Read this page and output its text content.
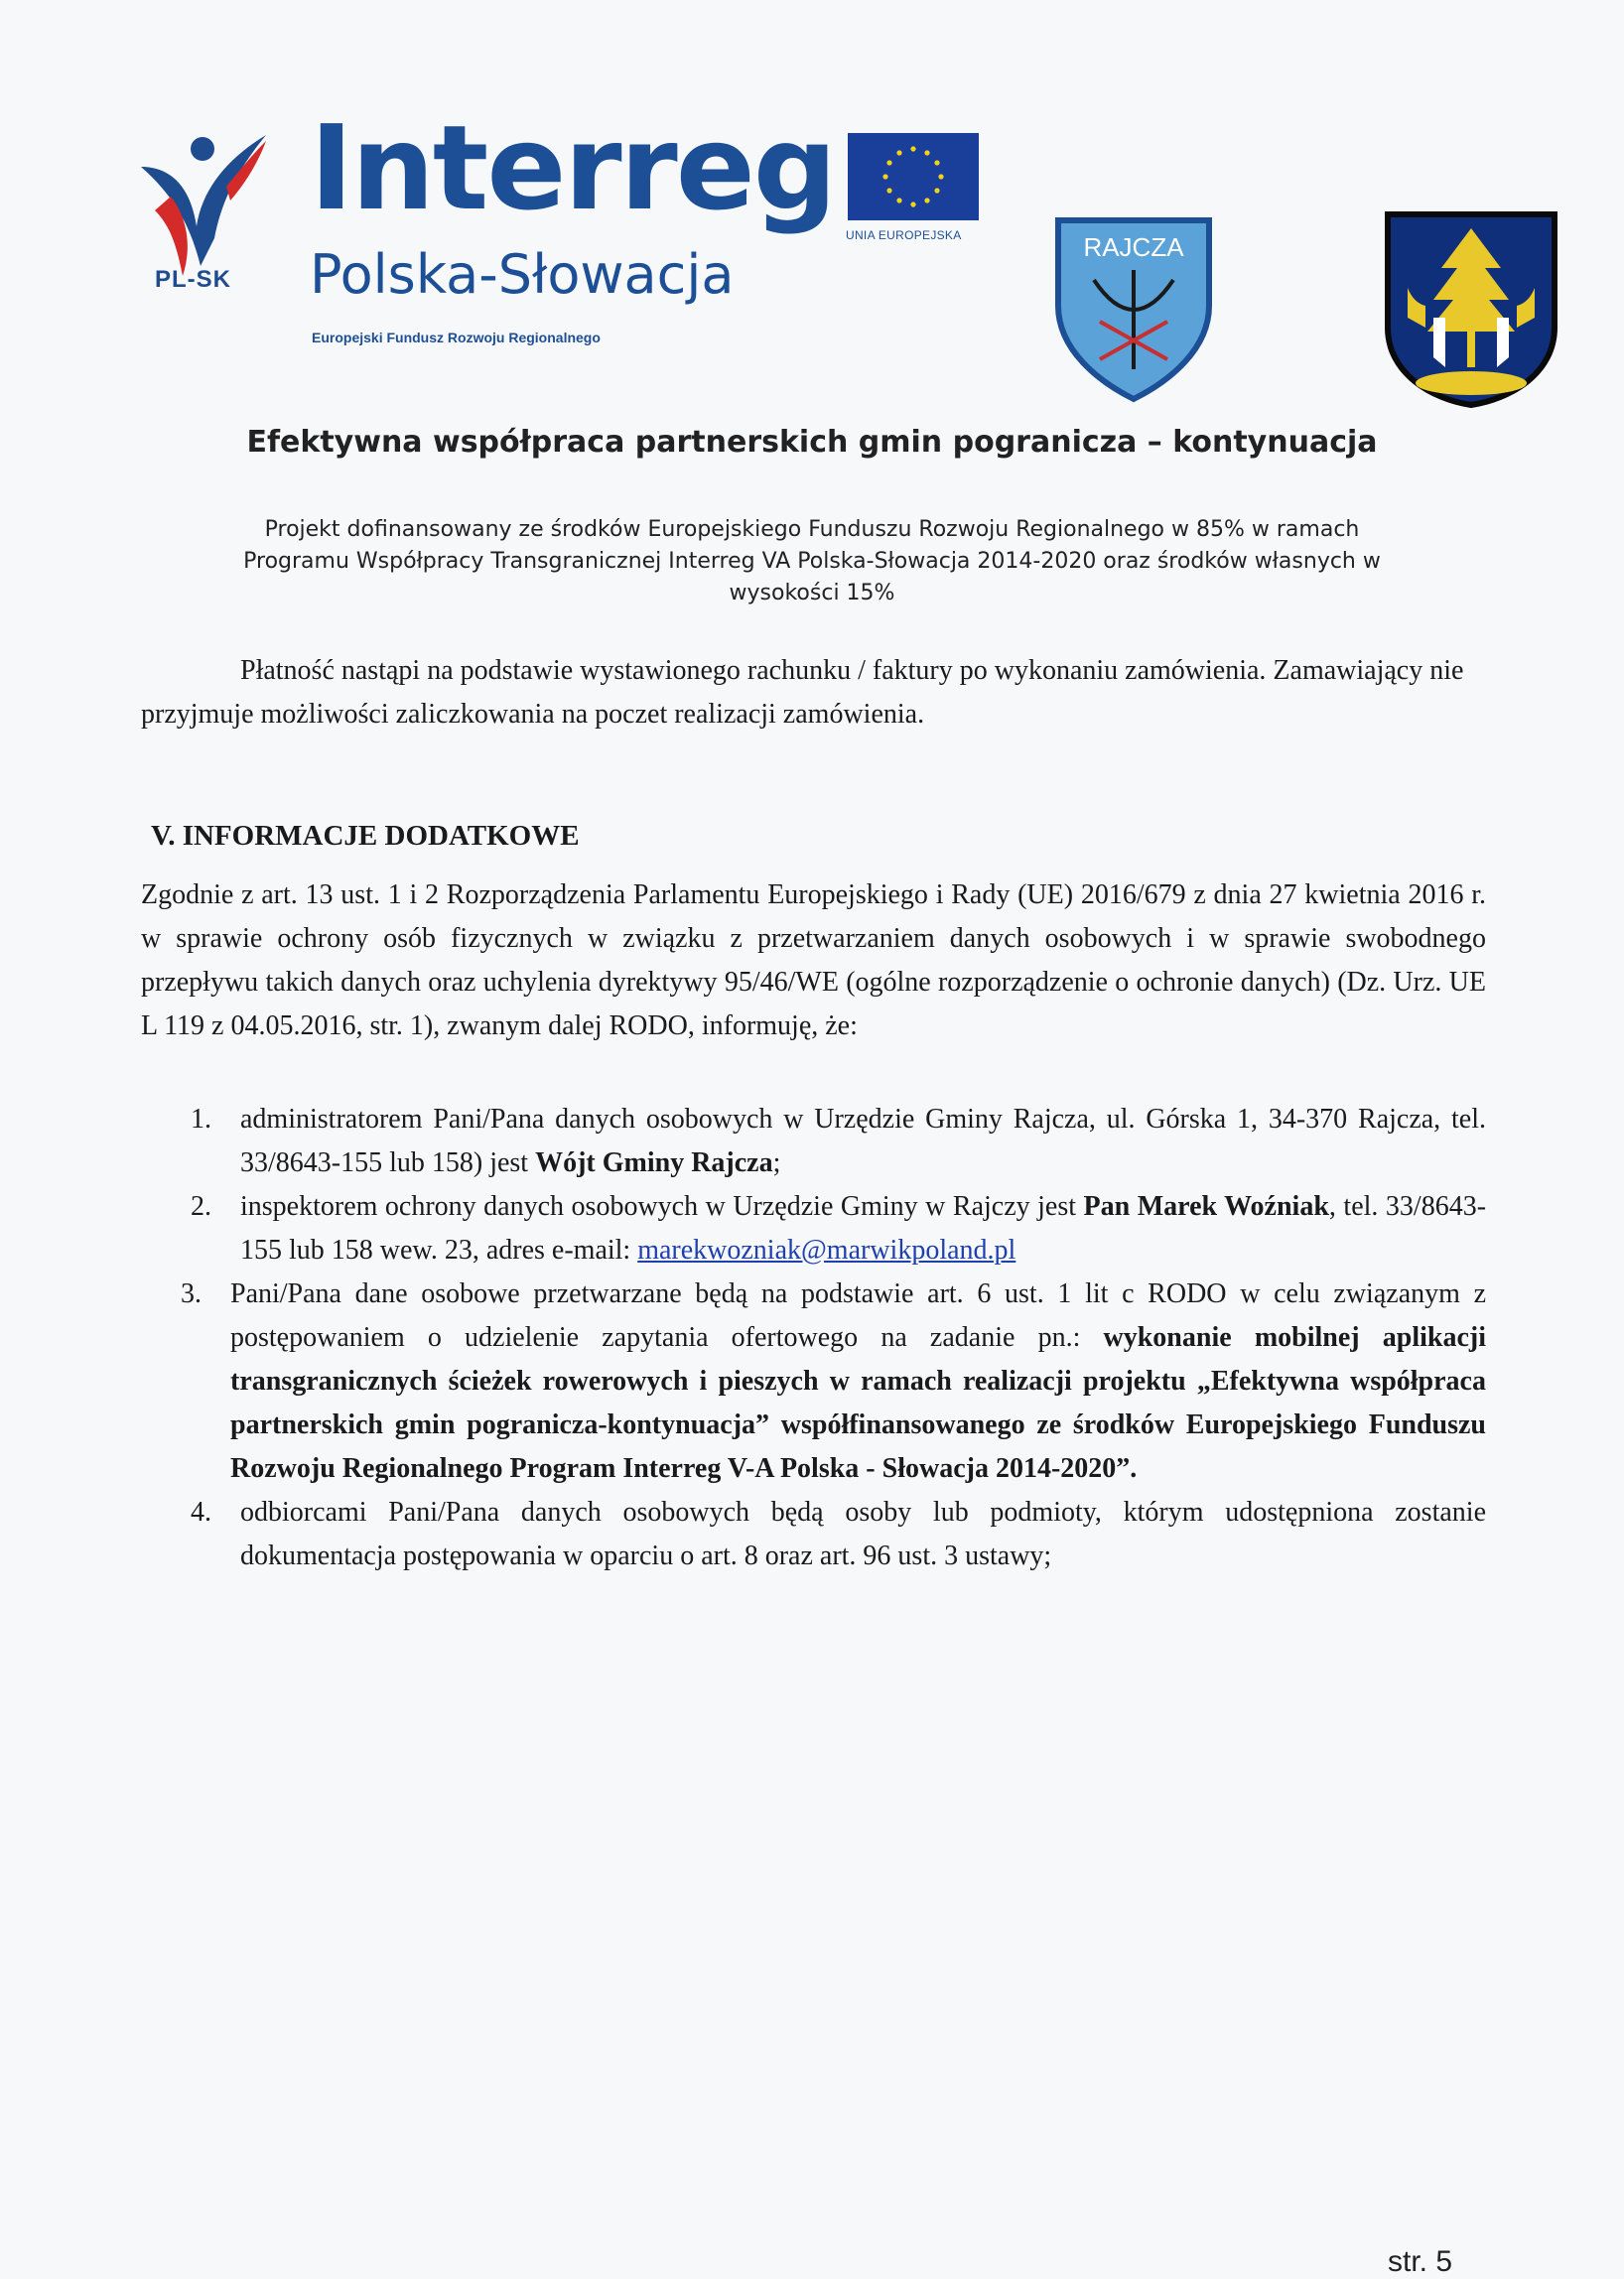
PL-SK
Interreg
Polska-Słowacja
Europejski Fundusz Rozwoju Regionalnego
UNIA EUROPEJSKA	RAJCZA
Efektywna współpraca partnerskich gmin pogranicza – kontynuacja
Projekt dofinansowany ze środków Europejskiego Funduszu Rozwoju Regionalnego w 85% w ramach
Programu Współpracy Transgranicznej Interreg VA Polska-Słowacja 2014-2020 oraz środków własnych w
wysokości 15%
Płatność nastąpi na podstawie wystawionego rachunku / faktury po wykonaniu zamówienia. Zamawiający nie przyjmuje możliwości zaliczkowania na poczet realizacji zamówienia.
V. INFORMACJE DODATKOWE
Zgodnie z art. 13 ust. 1 i 2 Rozporządzenia Parlamentu Europejskiego i Rady (UE) 2016/679 z dnia 27 kwietnia 2016 r. w sprawie ochrony osób fizycznych w związku z przetwarzaniem danych osobowych i w sprawie swobodnego przepływu takich danych oraz uchylenia dyrektywy 95/46/WE (ogólne rozporządzenie o ochronie danych) (Dz. Urz. UE L 119 z 04.05.2016, str. 1), zwanym dalej RODO, informuję, że:
1. administratorem Pani/Pana danych osobowych w Urzędzie Gminy Rajcza, ul. Górska 1, 34-370 Rajcza, tel. 33/8643-155 lub 158) jest Wójt Gminy Rajcza;
2. inspektorem ochrony danych osobowych w Urzędzie Gminy w Rajczy jest Pan Marek Woźniak, tel. 33/8643-155 lub 158 wew. 23, adres e-mail: marekwozniak@marwikpoland.pl
3. Pani/Pana dane osobowe przetwarzane będą na podstawie art. 6 ust. 1 lit c RODO w celu związanym z postępowaniem o udzielenie zapytania ofertowego na zadanie pn.: wykonanie mobilnej aplikacji transgranicznych ścieżek rowerowych i pieszych w ramach realizacji projektu „Efektywna współpraca partnerskich gmin pogranicza-kontynuacja” współfinansowanego ze środków Europejskiego Funduszu Rozwoju Regionalnego Program Interreg V-A Polska - Słowacja 2014-2020”.
4. odbiorcami Pani/Pana danych osobowych będą osoby lub podmioty, którym udostępniona zostanie dokumentacja postępowania w oparciu o art. 8 oraz art. 96 ust. 3 ustawy;
str. 5
